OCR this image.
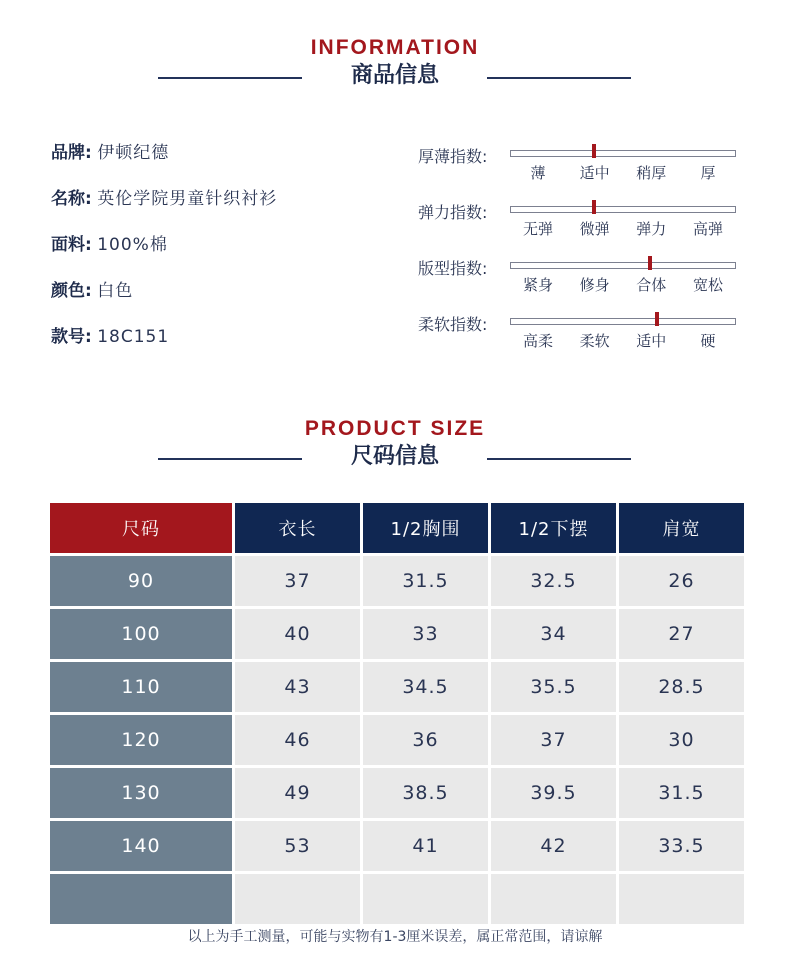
INFORMATION
商品信息
品牌: 伊顿纪德
名称: 英伦学院男童针织衬衫
面料: 100%棉
颜色: 白色
款号: 18C151
厚薄指数:
薄	适中	稍厚	厚
弹力指数:
无弹	微弹	弹力	高弹
版型指数:
紧身	修身	合体	宽松
柔软指数:
高柔	柔软	适中	硬
PRODUCT SIZE
尺码信息
尺码	衣长	1/2胸围	1/2下摆	肩宽
90	37	31.5	32.5	26
100	40	33	34	27
110	43	34.5	35.5	28.5
120	46	36	37	30
130	49	38.5	39.5	31.5
140	53	41	42	33.5

以上为手工测量，可能与实物有1-3厘米误差，属正常范围，请谅解
